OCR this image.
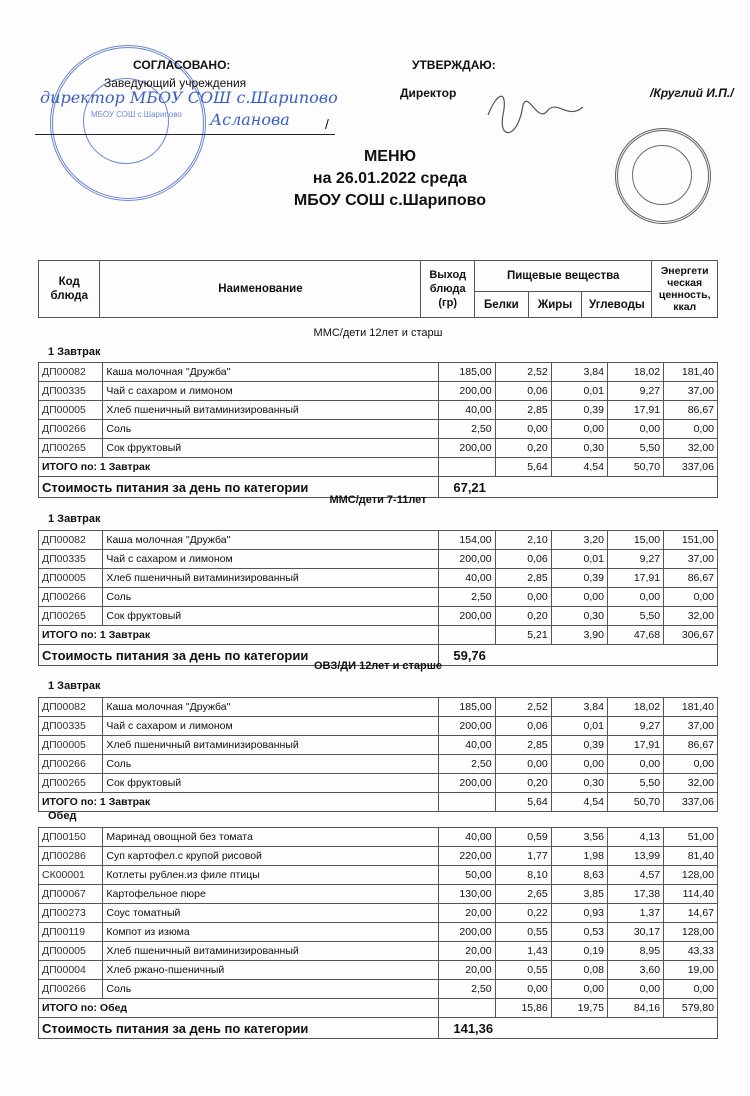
МБОУ СОШ с.Шарипово
СОГЛАСОВАНО:
Заведующий учреждения
директор МБОУ СОШ с.Шарипово
Асланова	/
УТВЕРЖДАЮ:
Директор	/Круглий И.П./
МЕНЮ
на 26.01.2022 среда
МБОУ СОШ с.Шарипово
Код блюда	Наименование	Выход блюда (гр)	Пищевые вещества			Энергети ческая ценность, ккал
			Белки	Жиры	Углеводы	
ММС/дети 12лет и старш
1 Завтрак
ДП00082	Каша молочная "Дружба"	185,00	2,52	3,84	18,02	181,40
ДП00335	Чай с сахаром и лимоном	200,00	0,06	0,01	9,27	37,00
ДП00005	Хлеб пшеничный витаминизированный	40,00	2,85	0,39	17,91	86,67
ДП00266	Соль	2,50	0,00	0,00	0,00	0,00
ДП00265	Сок фруктовый	200,00	0,20	0,30	5,50	32,00
ИТОГО по: 1 Завтрак			5,64	4,54	50,70	337,06
Стоимость питания за день по категории		67,21				
ММС/дети 7-11лет
1 Завтрак
ДП00082	Каша молочная "Дружба"	154,00	2,10	3,20	15,00	151,00
ДП00335	Чай с сахаром и лимоном	200,00	0,06	0,01	9,27	37,00
ДП00005	Хлеб пшеничный витаминизированный	40,00	2,85	0,39	17,91	86,67
ДП00266	Соль	2,50	0,00	0,00	0,00	0,00
ДП00265	Сок фруктовый	200,00	0,20	0,30	5,50	32,00
ИТОГО по: 1 Завтрак			5,21	3,90	47,68	306,67
Стоимость питания за день по категории		59,76				
ОВЗ/ДИ 12лет и старше
1 Завтрак
ДП00082	Каша молочная "Дружба"	185,00	2,52	3,84	18,02	181,40
ДП00335	Чай с сахаром и лимоном	200,00	0,06	0,01	9,27	37,00
ДП00005	Хлеб пшеничный витаминизированный	40,00	2,85	0,39	17,91	86,67
ДП00266	Соль	2,50	0,00	0,00	0,00	0,00
ДП00265	Сок фруктовый	200,00	0,20	0,30	5,50	32,00
ИТОГО по: 1 Завтрак			5,64	4,54	50,70	337,06
Обед
ДП00150	Маринад овощной без томата	40,00	0,59	3,56	4,13	51,00
ДП00286	Суп картофел.с крупой рисовой	220,00	1,77	1,98	13,99	81,40
СК00001	Котлеты рублен.из филе птицы	50,00	8,10	8,63	4,57	128,00
ДП00067	Картофельное пюре	130,00	2,65	3,85	17,38	114,40
ДП00273	Соус томатный	20,00	0,22	0,93	1,37	14,67
ДП00119	Компот из изюма	200,00	0,55	0,53	30,17	128,00
ДП00005	Хлеб пшеничный витаминизированный	20,00	1,43	0,19	8,95	43,33
ДП00004	Хлеб ржано-пшеничный	20,00	0,55	0,08	3,60	19,00
ДП00266	Соль	2,50	0,00	0,00	0,00	0,00
ИТОГО по: Обед			15,86	19,75	84,16	579,80
Стоимость питания за день по категории		141,36				
